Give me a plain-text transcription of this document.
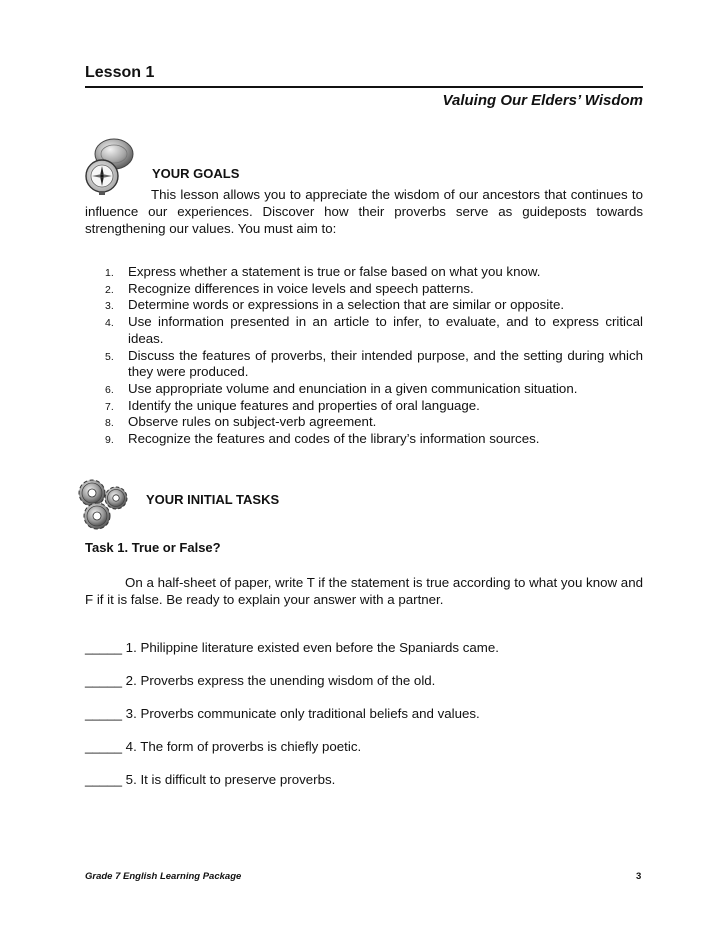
Lesson 1
Valuing Our Elders’ Wisdom
YOUR GOALS

This lesson allows you to appreciate the wisdom of our ancestors that continues to influence our experiences. Discover how their proverbs serve as guideposts towards strengthening our values. You must aim to:

1. Express whether a statement is true or false based on what you know.
2. Recognize differences in voice levels and speech patterns.
3. Determine words or expressions in a selection that are similar or opposite.
4. Use information presented in an article to infer, to evaluate, and to express critical ideas.
5. Discuss the features of proverbs, their intended purpose, and the setting during which they were produced.
6. Use appropriate volume and enunciation in a given communication situation.
7. Identify the unique features and properties of oral language.
8. Observe rules on subject-verb agreement.
9. Recognize the features and codes of the library’s information sources.
YOUR INITIAL TASKS
Task 1. True or False?

On a half-sheet of paper, write T if the statement is true according to what you know and F if it is false. Be ready to explain your answer with a partner.

_____ 1. Philippine literature existed even before the Spaniards came.

_____ 2. Proverbs express the unending wisdom of the old.

_____ 3. Proverbs communicate only traditional beliefs and values.

_____ 4. The form of proverbs is chiefly poetic.

_____ 5. It is difficult to preserve proverbs.

Grade 7 English Learning Package	3
